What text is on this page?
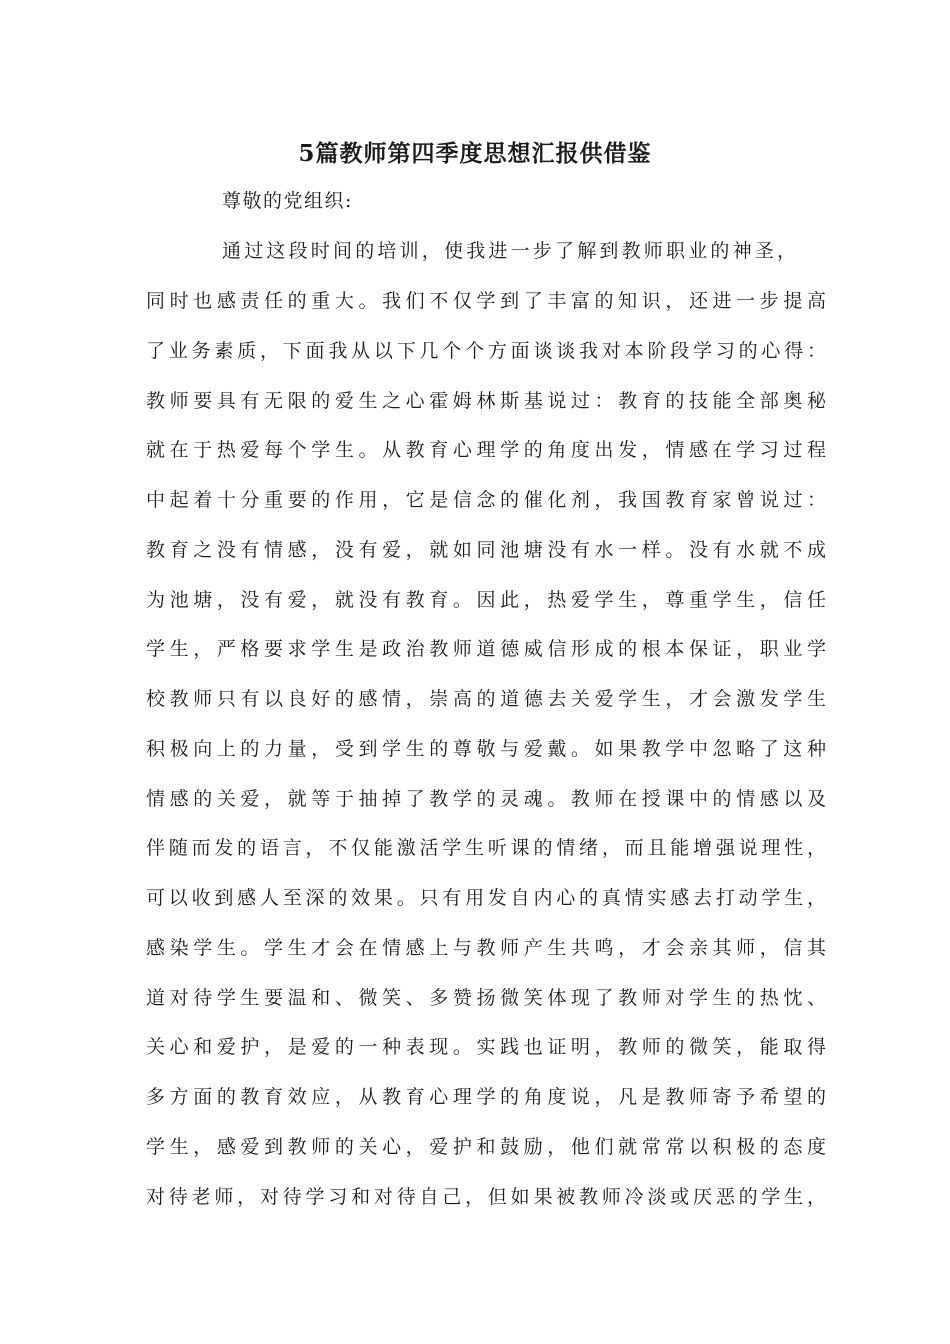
5篇教师第四季度思想汇报供借鉴

尊敬的党组织:

通过这段时间的培训，使我进一步了解到教师职业的神圣，

同时也感责任的重大。我们不仅学到了丰富的知识，还进一步提高

了业务素质，下面我从以下几个个方面谈谈我对本阶段学习的心得：

教师要具有无限的爱生之心霍姆林斯基说过：教育的技能全部奥秘

就在于热爱每个学生。从教育心理学的角度出发，情感在学习过程

中起着十分重要的作用，它是信念的催化剂，我国教育家曾说过：

教育之没有情感，没有爱，就如同池塘没有水一样。没有水就不成

为池塘，没有爱，就没有教育。因此，热爱学生，尊重学生，信任

学生，严格要求学生是政治教师道德威信形成的根本保证，职业学

校教师只有以良好的感情，崇高的道德去关爱学生，才会激发学生

积极向上的力量，受到学生的尊敬与爱戴。如果教学中忽略了这种

情感的关爱，就等于抽掉了教学的灵魂。教师在授课中的情感以及

伴随而发的语言，不仅能激活学生听课的情绪，而且能增强说理性，

可以收到感人至深的效果。只有用发自内心的真情实感去打动学生，

感染学生。学生才会在情感上与教师产生共鸣，才会亲其师，信其

道对待学生要温和、微笑、多赞扬微笑体现了教师对学生的热忱、

关心和爱护，是爱的一种表现。实践也证明，教师的微笑，能取得

多方面的教育效应，从教育心理学的角度说，凡是教师寄予希望的

学生，感爱到教师的关心，爱护和鼓励，他们就常常以积极的态度

对待老师，对待学习和对待自己，但如果被教师冷淡或厌恶的学生，
